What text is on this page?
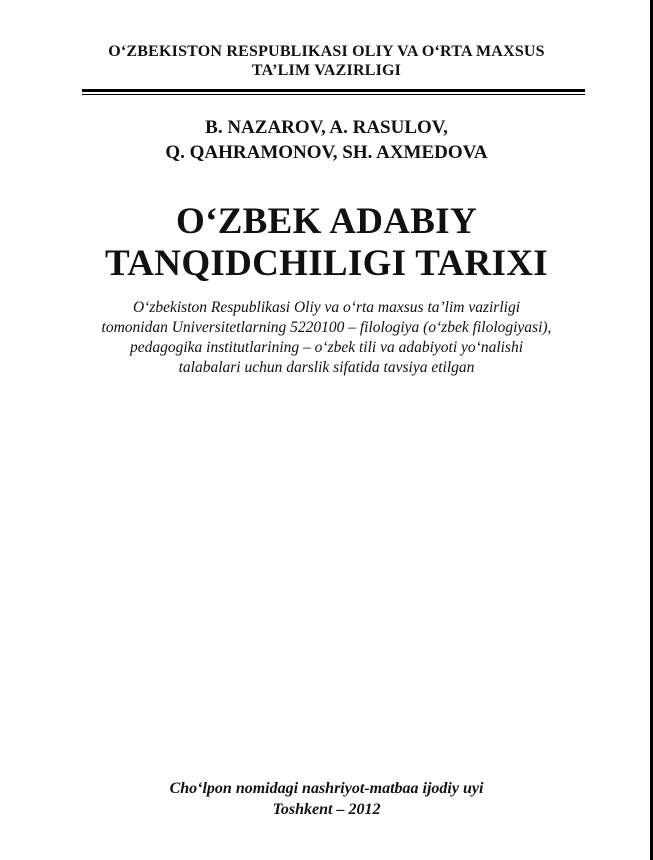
O‘ZBEKISTON RESPUBLIKASI OLIY VA O‘RTA MAXSUS
TA’LIM VAZIRLIGI
B. NAZAROV, A. RASULOV,
Q. QAHRAMONOV, SH. AXMEDOVA
O‘ZBEK ADABIY
TANQIDCHILIGI TARIXI
O‘zbekiston Respublikasi Oliy va o‘rta maxsus ta’lim vazirligi
tomonidan Universitetlarning 5220100 – filologiya (o‘zbek filologiyasi),
pedagogika institutlarining – o‘zbek tili va adabiyoti yo‘nalishi
talabalari uchun darslik sifatida tavsiya etilgan
Cho‘lpon nomidagi nashriyot-matbaa ijodiy uyi
Toshkent – 2012
